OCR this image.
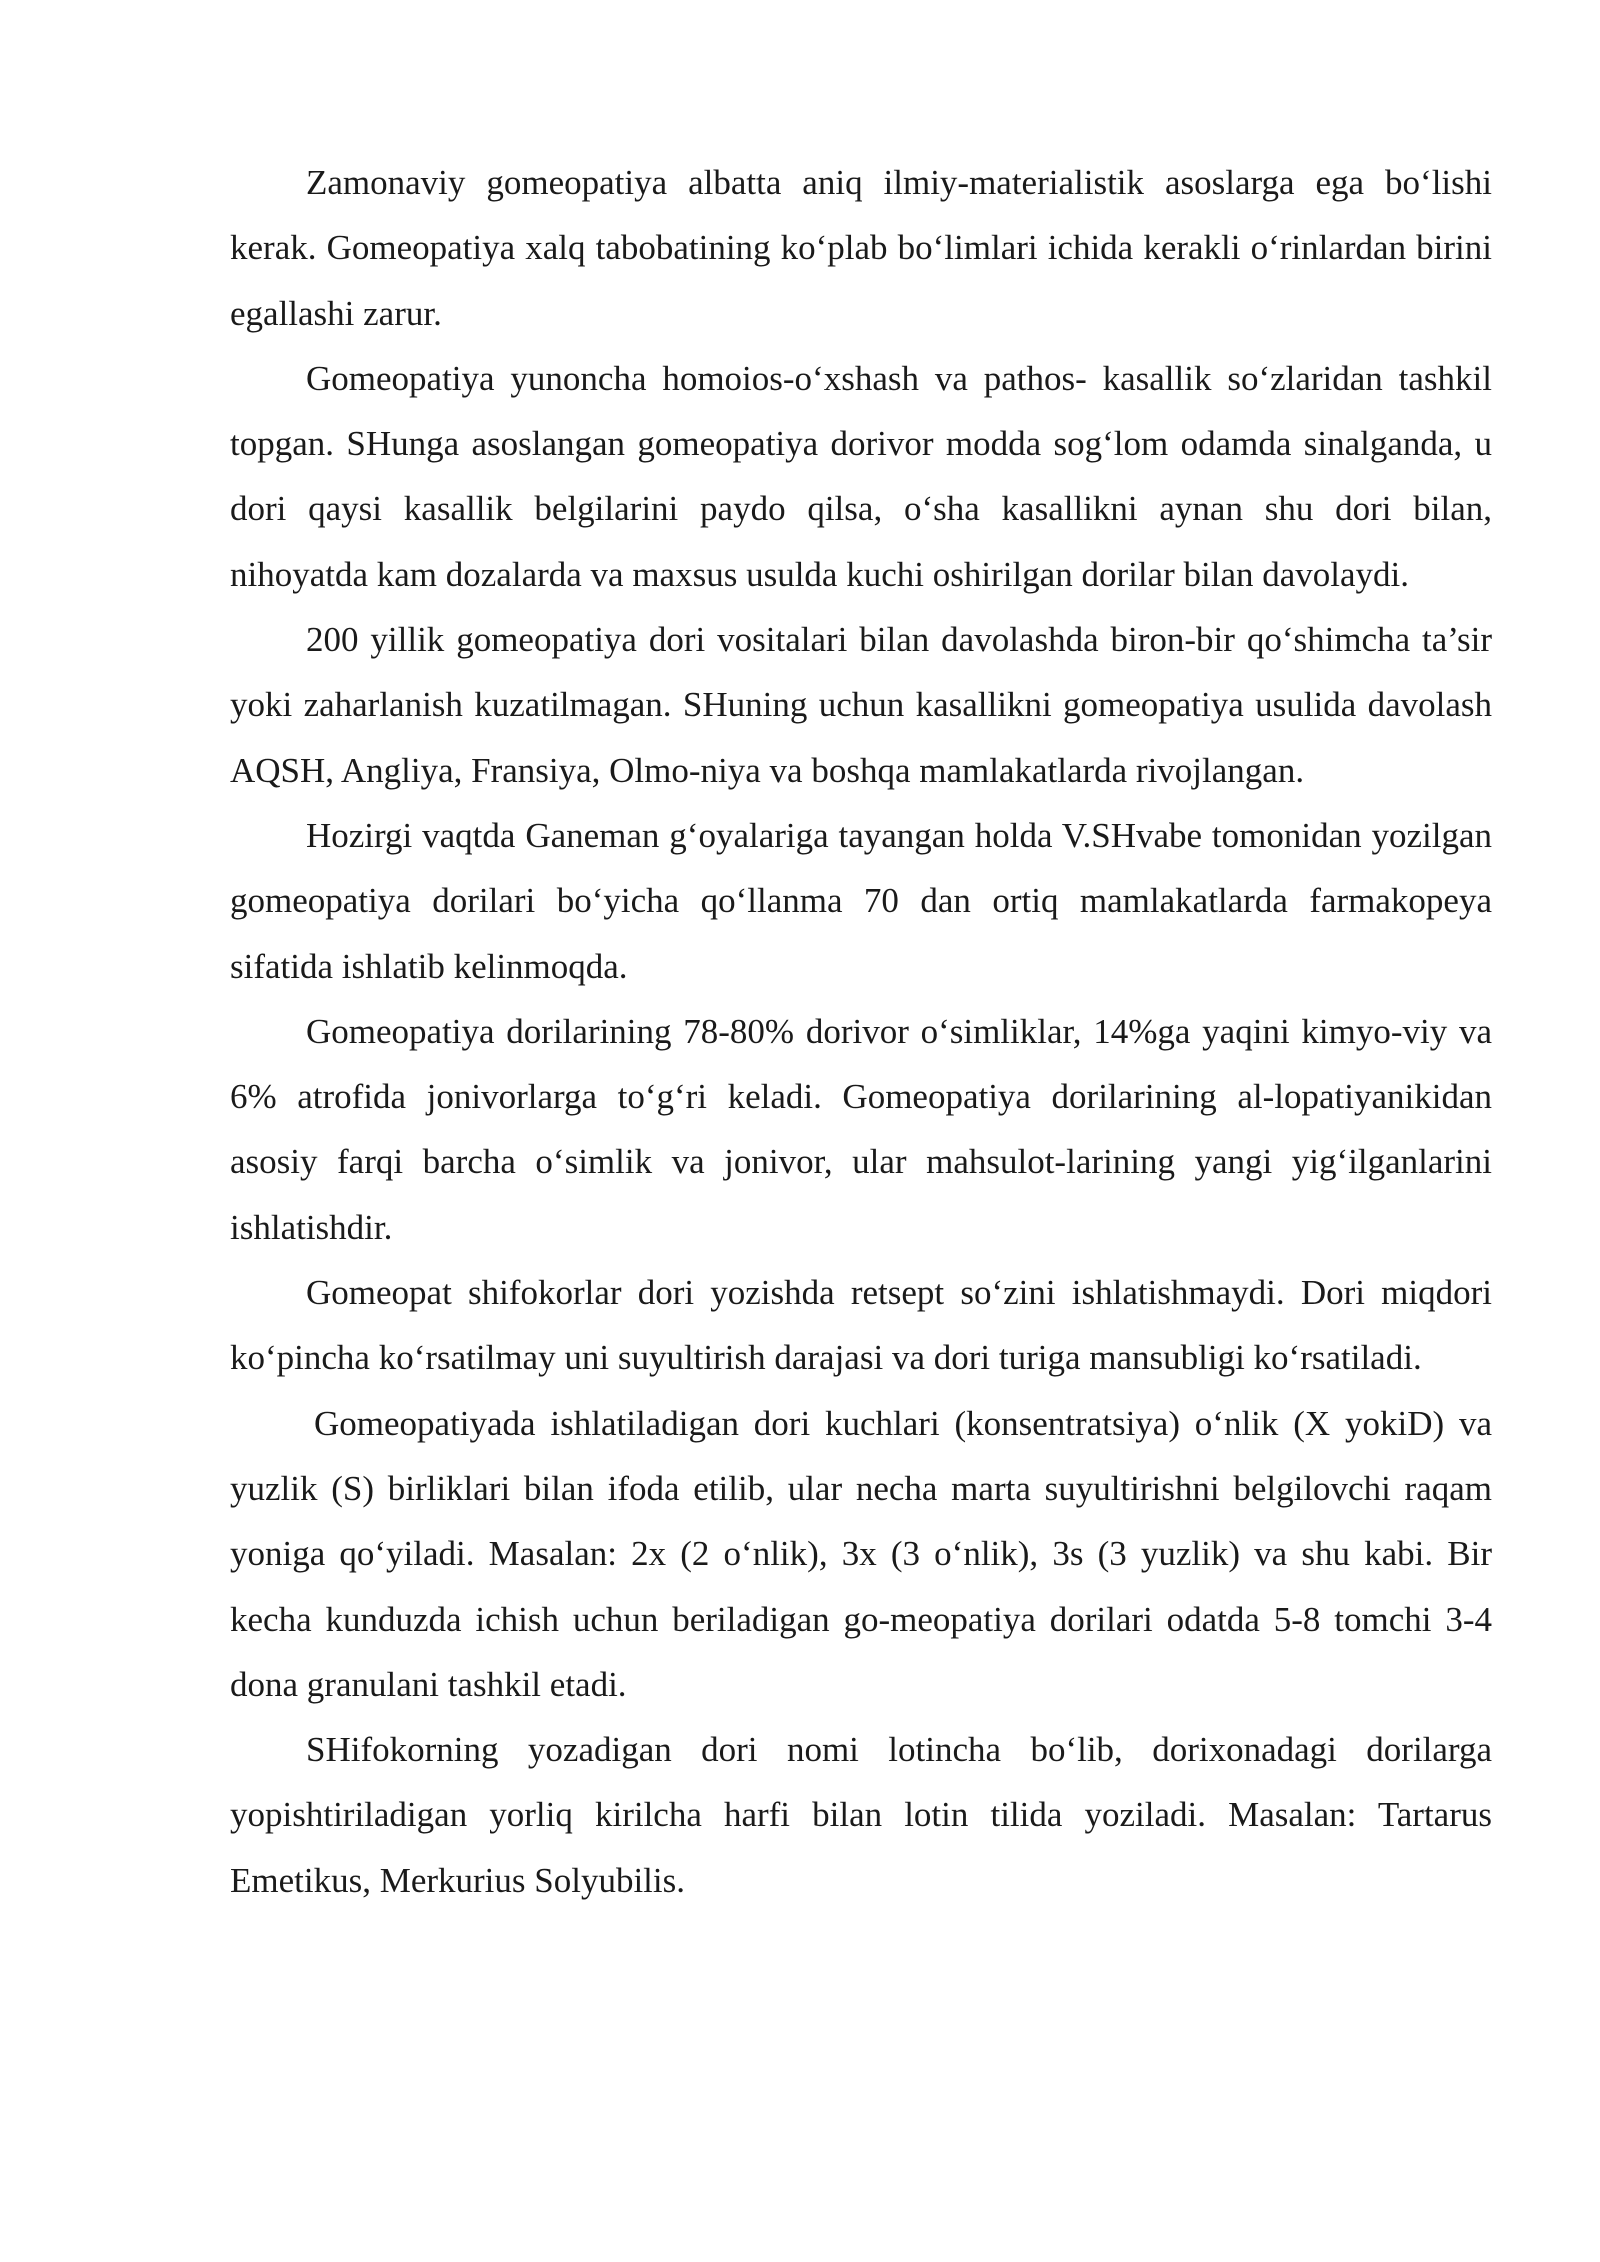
Zamonaviy gomeopatiya albatta aniq ilmiy-materialistik asoslarga ega bo‘lishi kerak. Gomeopatiya xalq tabobatining ko‘plab bo‘limlari ichida kerakli o‘rinlardan birini egallashi zarur.

Gomeopatiya yunoncha homoios-o‘xshash va pathos- kasallik so‘zlaridan tashkil topgan. SHunga asoslangan gomeopatiya dorivor modda sog‘lom odamda sinalganda, u dori qaysi kasallik belgilarini paydo qilsa, o‘sha kasallikni aynan shu dori bilan, nihoyatda kam dozalarda va maxsus usulda kuchi oshirilgan dorilar bilan davolaydi.

200 yillik gomeopatiya dori vositalari bilan davolashda biron-bir qo‘shimcha ta’sir yoki zaharlanish kuzatilmagan. SHuning uchun kasallikni gomeopatiya usulida davolash AQSH, Angliya, Fransiya, Olmo-niya va boshqa mamlakatlarda rivojlangan.

Hozirgi vaqtda Ganeman g‘oyalariga tayangan holda V.SHvabe tomonidan yozilgan gomeopatiya dorilari bo‘yicha qo‘llanma 70 dan ortiq mamlakatlarda farmakopeya sifatida ishlatib kelinmoqda.

Gomeopatiya dorilarining 78-80% dorivor o‘simliklar, 14%ga yaqini kimyo-viy va 6% atrofida jonivorlarga to‘g‘ri keladi. Gomeopatiya dorilarining al-lopatiyanikidan asosiy farqi barcha o‘simlik va jonivor, ular mahsulot-larining yangi yig‘ilganlarini ishlatishdir.

Gomeopat shifokorlar dori yozishda retsept so‘zini ishlatishmaydi. Dori miqdori ko‘pincha ko‘rsatilmay uni suyultirish darajasi va dori turiga mansubligi ko‘rsatiladi.

Gomeopatiyada ishlatiladigan dori kuchlari (konsentratsiya) o‘nlik (X yokiD) va yuzlik (S) birliklari bilan ifoda etilib, ular necha marta suyultirishni belgilovchi raqam yoniga qo‘yiladi. Masalan: 2x (2 o‘nlik), 3x (3 o‘nlik), 3s (3 yuzlik) va shu kabi. Bir kecha kunduzda ichish uchun beriladigan go-meopatiya dorilari odatda 5-8 tomchi 3-4 dona granulani tashkil etadi.

SHifokorning yozadigan dori nomi lotincha bo‘lib, dorixonadagi dorilarga yopishtiriladigan yorliq kirilcha harfi bilan lotin tilida yoziladi. Masalan: Tartarus Emetikus, Merkurius Solyubilis.
